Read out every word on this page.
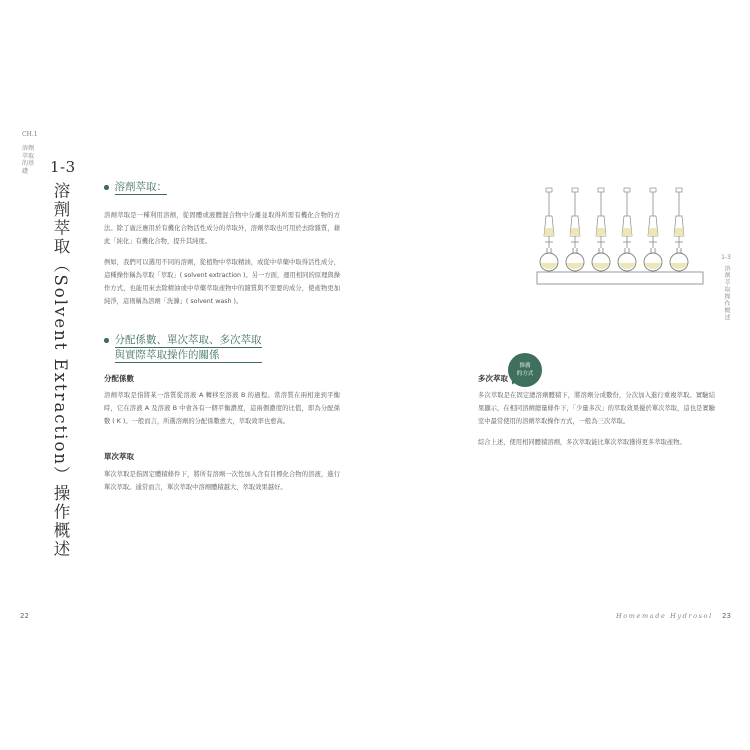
CH.1
溶劑萃取的基礎	1-3
溶劑萃取（Solvent Extraction）操作概述	溶劑萃取：
溶劑萃取是一種利用溶劑，從固體或液體混合物中分離並取得所需有機化合物的方法。除了廣泛應用於有機化合物活性成分的萃取外，溶劑萃取也可用於去除雜質，藉此「純化」有機化合物，提升其純度。
例如，我們可以選用不同的溶劑，從植物中萃取精油，或從中草藥中取得活性成分，這種操作稱為萃取「萃取」( solvent extraction )。另一方面，運用相同的原理與操作方式，也能用來去除精油或中草藥萃取產物中的雜質與不需要的成分，使產物更加純淨，這則稱為溶劑「洗滌」( solvent wash )。
分配係數、單次萃取、多次萃取
與實際萃取操作的關係
分配係數
溶劑萃取是指將某一溶質從溶液 A 轉移至溶液 B 的過程。當溶質在兩相達到平衡時，它在溶液 A 及溶液 B 中會各有一個平衡濃度，這兩個濃度的比值，即為分配係數 ( K )。一般而言，所選溶劑的分配係數愈大，萃取效率也愈高。
單次萃取
單次萃取是指固定體積條件下，將所有溶劑一次性加入含有目標化合物的溶液，進行單次萃取。通常而言，單次萃取中溶劑體積越大，萃取效果越好。
22
1-3
溶劑萃取操作概述
推薦
的方式
多次萃取
多次萃取是在固定總溶劑體積下，將溶劑分成數份，分次加入進行重複萃取。實驗結果顯示，在相同溶劑總量條件下，「少量多次」的萃取效果優於單次萃取，這也是實驗室中最常使用的溶劑萃取操作方式，一般為三次萃取。
綜合上述，使用相同體積溶劑，多次萃取能比單次萃取獲得更多萃取產物。
Homemade Hydrosol 23
